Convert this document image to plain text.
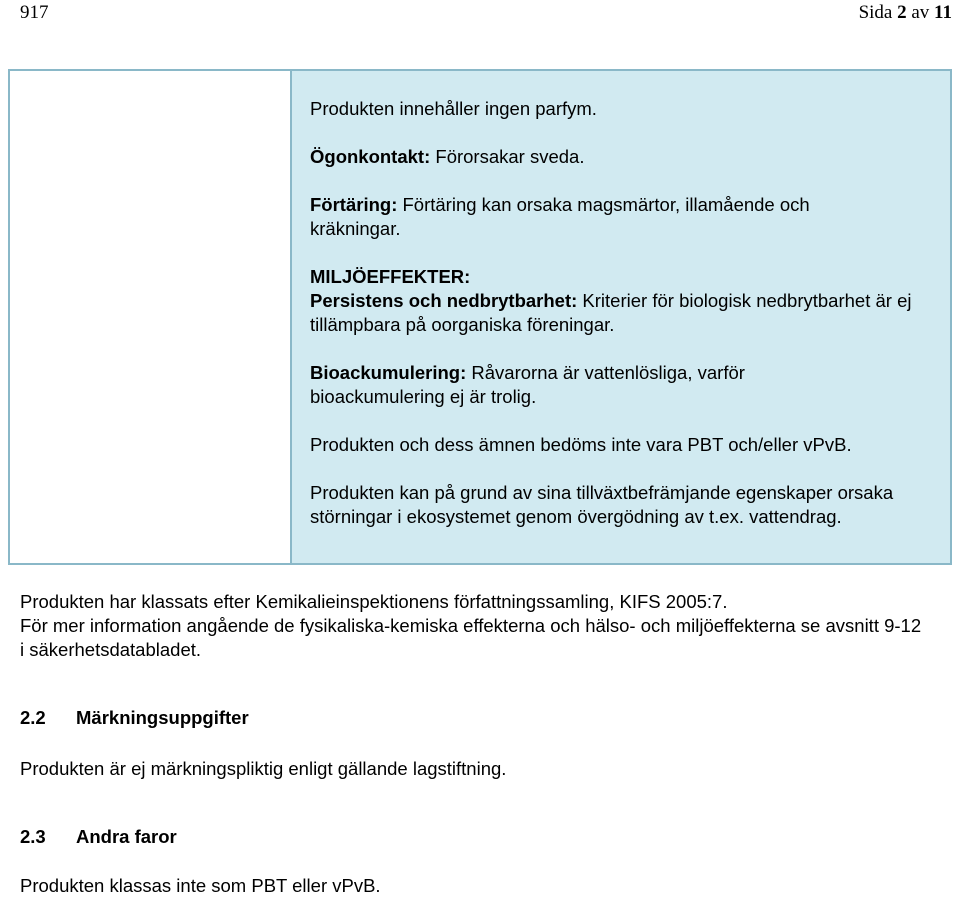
917	Sida 2 av 11

Produkten innehåller ingen parfym.

Ögonkontakt: Förorsakar sveda.

Förtäring: Förtäring kan orsaka magsmärtor, illamående och kräkningar.

MILJÖEFFEKTER:

Persistens och nedbrytbarhet: Kriterier för biologisk nedbrytbarhet är ej tillämpbara på oorganiska föreningar.

Bioackumulering: Råvarorna är vattenlösliga, varför bioackumulering ej är trolig.

Produkten och dess ämnen bedöms inte vara PBT och/eller vPvB.

Produkten kan på grund av sina tillväxtbefrämjande egenskaper orsaka störningar i ekosystemet genom övergödning av t.ex. vattendrag.

Produkten har klassats efter Kemikalieinspektionens författningssamling, KIFS 2005:7.

För mer information angående de fysikaliska-kemiska effekterna och hälso- och miljöeffekterna se avsnitt 9-12 i säkerhetsdatabladet.

2.2 Märkningsuppgifter

Produkten är ej märkningspliktig enligt gällande lagstiftning.

2.3 Andra faror

Produkten klassas inte som PBT eller vPvB.
